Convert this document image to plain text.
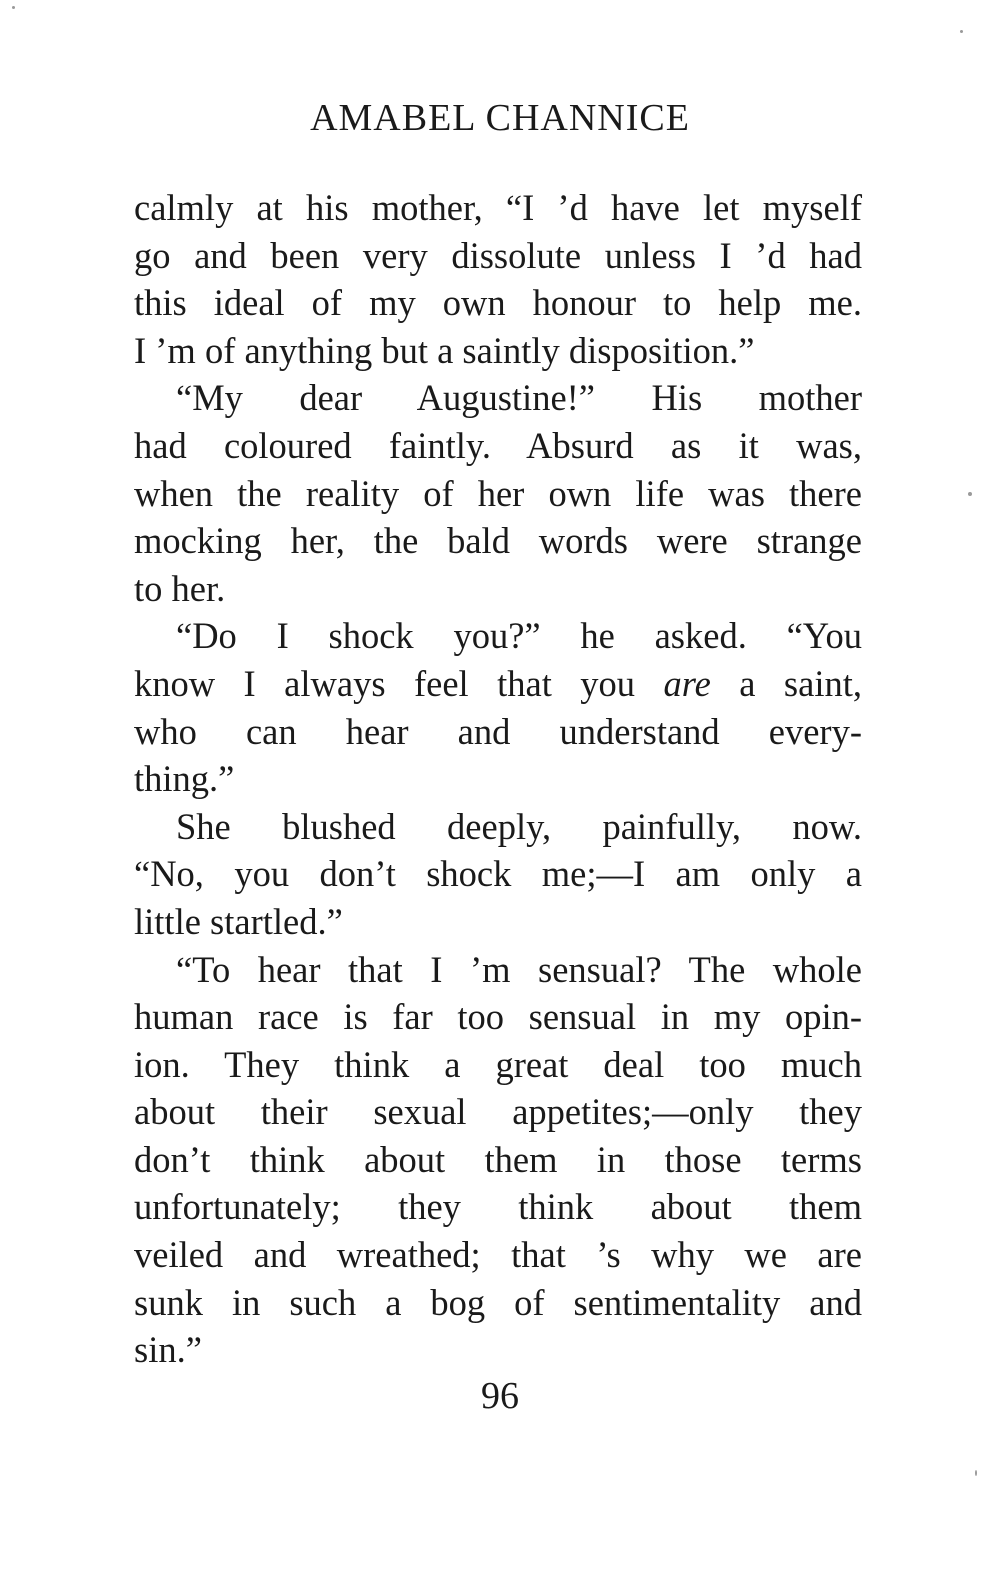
AMABEL CHANNICE

calmly at his mother, “I ’d have let myself
go and been very dissolute unless I ’d had
this ideal of my own honour to help me.
I ’m of anything but a saintly disposition.”

“My dear Augustine!” His mother
had coloured faintly. Absurd as it was,
when the reality of her own life was there
mocking her, the bald words were strange
to her.

“Do I shock you?” he asked. “You
know I always feel that you are a saint,
who can hear and understand every-
thing.”

She blushed deeply, painfully, now.
“No, you don’t shock me;—I am only a
little startled.”

“To hear that I ’m sensual? The whole
human race is far too sensual in my opin-
ion. They think a great deal too much
about their sexual appetites;—only they
don’t think about them in those terms
unfortunately; they think about them
veiled and wreathed; that ’s why we are
sunk in such a bog of sentimentality and
sin.”

96
